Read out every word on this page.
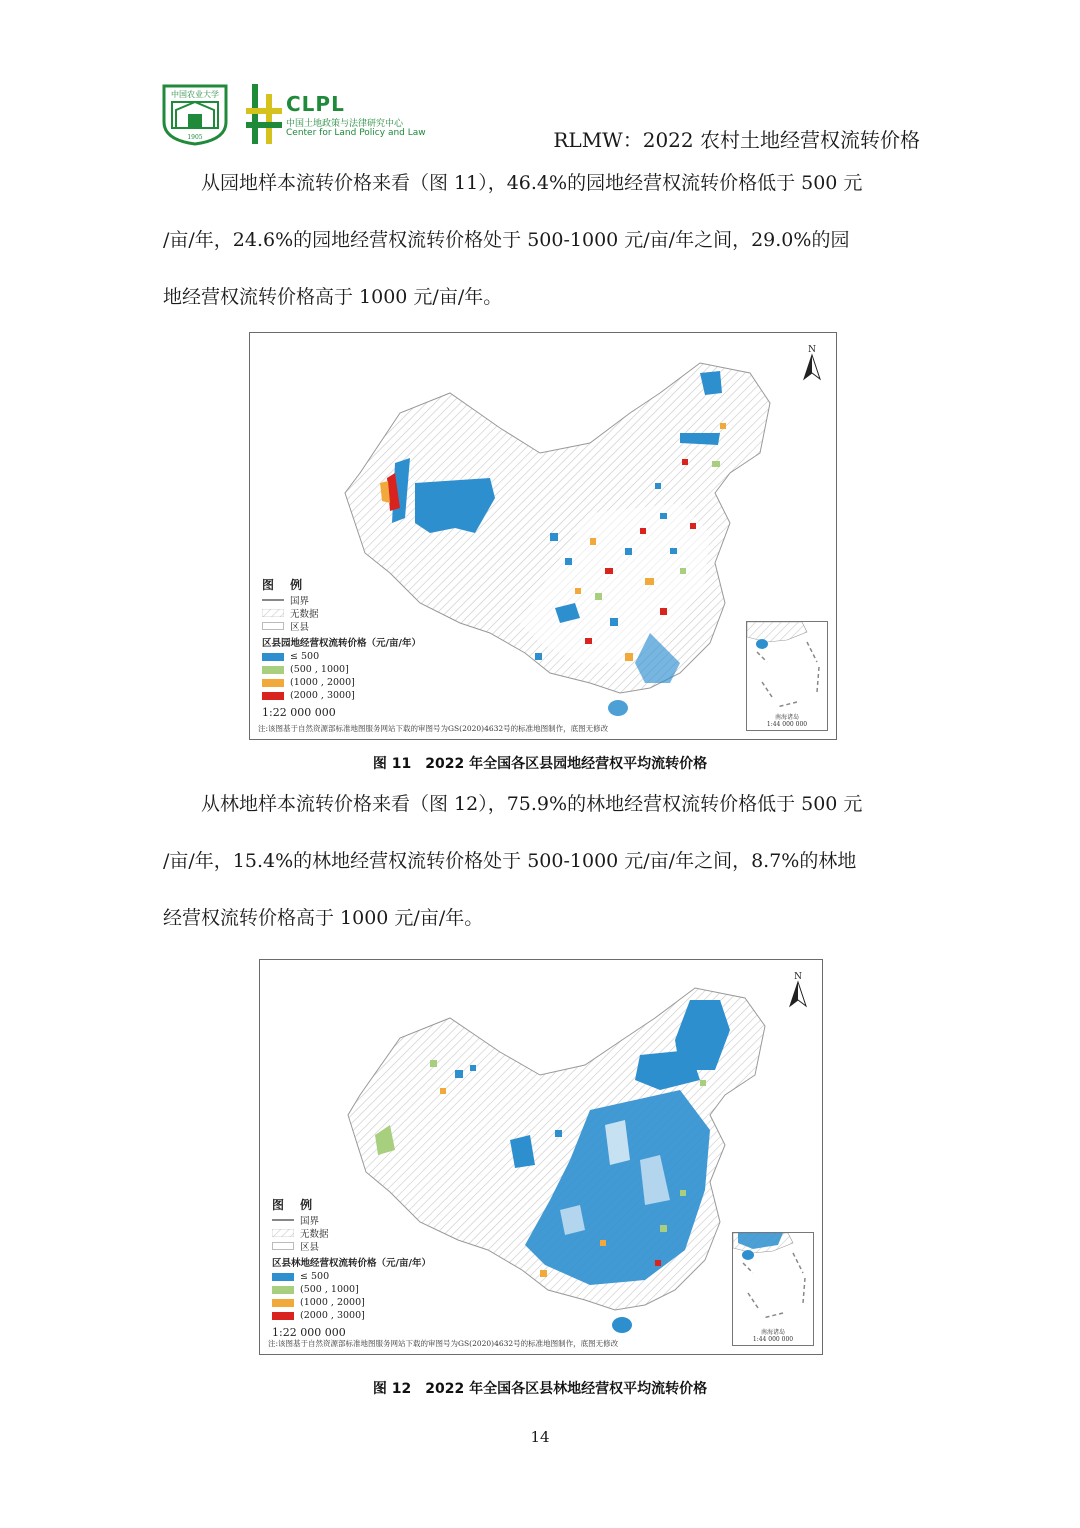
中国农业大学
1905
CLPL
中国土地政策与法律研究中心
Center for Land Policy and Law	RLMW：2022 农村土地经营权流转价格
从园地样本流转价格来看（图 11），46.4%的园地经营权流转价格低于 500 元
/亩/年，24.6%的园地经营权流转价格处于 500-1000 元/亩/年之间，29.0%的园
地经营权流转价格高于 1000 元/亩/年。
N
图 例
国界
无数据
区县
区县园地经营权流转价格（元/亩/年）
≤ 500
(500 , 1000]
(1000 , 2000]
(2000 , 3000]
1:22 000 000
注:该图基于自然资源部标准地图服务网站下载的审图号为GS(2020)4632号的标准地图制作，底图无修改
南海诸岛
1:44 000 000
图 11　2022 年全国各区县园地经营权平均流转价格
从林地样本流转价格来看（图 12），75.9%的林地经营权流转价格低于 500 元
/亩/年，15.4%的林地经营权流转价格处于 500-1000 元/亩/年之间，8.7%的林地
经营权流转价格高于 1000 元/亩/年。
N
图 例
国界
无数据
区县
区县林地经营权流转价格（元/亩/年）
≤ 500
(500 , 1000]
(1000 , 2000]
(2000 , 3000]
1:22 000 000
注:该图基于自然资源部标准地图服务网站下载的审图号为GS(2020)4632号的标准地图制作，底图无修改
南海诸岛
1:44 000 000
图 12　2022 年全国各区县林地经营权平均流转价格
14
